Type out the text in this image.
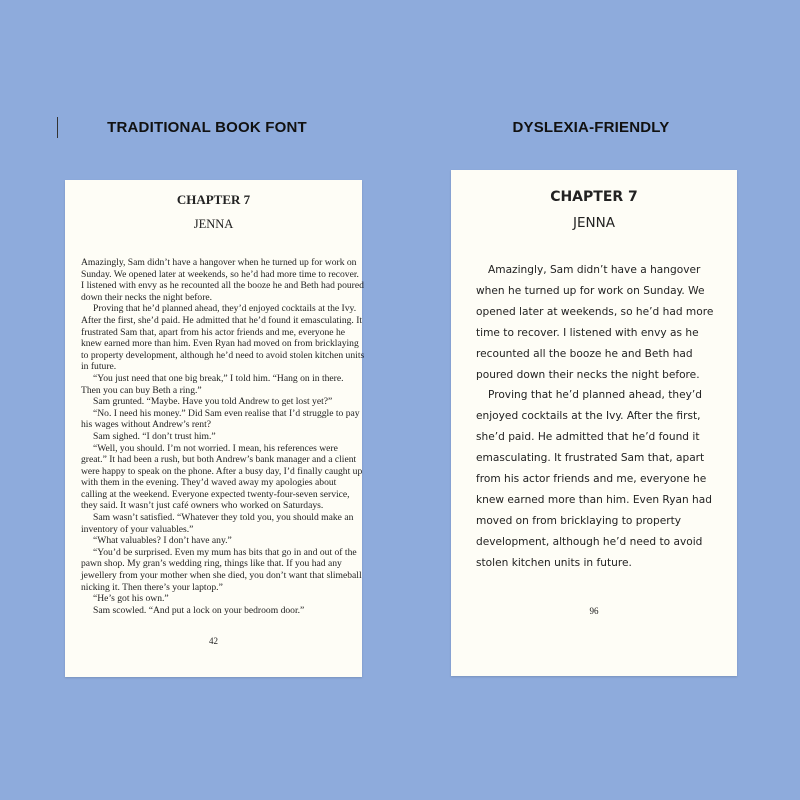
TRADITIONAL BOOK FONT	DYSLEXIA-FRIENDLY
CHAPTER 7
JENNA
Amazingly, Sam didn’t have a hangover when he turned up for work on
Sunday. We opened later at weekends, so he’d had more time to recover.
I listened with envy as he recounted all the booze he and Beth had poured
down their necks the night before.
Proving that he’d planned ahead, they’d enjoyed cocktails at the Ivy.
After the first, she’d paid. He admitted that he’d found it emasculating. It
frustrated Sam that, apart from his actor friends and me, everyone he
knew earned more than him. Even Ryan had moved on from bricklaying
to property development, although he’d need to avoid stolen kitchen units
in future.
“You just need that one big break,” I told him. “Hang on in there.
Then you can buy Beth a ring.”
Sam grunted. “Maybe. Have you told Andrew to get lost yet?”
“No. I need his money.” Did Sam even realise that I’d struggle to pay
his wages without Andrew’s rent?
Sam sighed. “I don’t trust him.”
“Well, you should. I’m not worried. I mean, his references were
great.” It had been a rush, but both Andrew’s bank manager and a client
were happy to speak on the phone. After a busy day, I’d finally caught up
with them in the evening. They’d waved away my apologies about
calling at the weekend. Everyone expected twenty-four-seven service,
they said. It wasn’t just café owners who worked on Saturdays.
Sam wasn’t satisfied. “Whatever they told you, you should make an
inventory of your valuables.”
“What valuables? I don’t have any.”
“You’d be surprised. Even my mum has bits that go in and out of the
pawn shop. My gran’s wedding ring, things like that. If you had any
jewellery from your mother when she died, you don’t want that slimeball
nicking it. Then there’s your laptop.”
“He’s got his own.”
Sam scowled. “And put a lock on your bedroom door.”
42
CHAPTER 7
JENNA
Amazingly, Sam didn’t have a hangover
when he turned up for work on Sunday. We
opened later at weekends, so he’d had more
time to recover. I listened with envy as he
recounted all the booze he and Beth had
poured down their necks the night before.
Proving that he’d planned ahead, they’d
enjoyed cocktails at the Ivy. After the first,
she’d paid. He admitted that he’d found it
emasculating. It frustrated Sam that, apart
from his actor friends and me, everyone he
knew earned more than him. Even Ryan had
moved on from bricklaying to property
development, although he’d need to avoid
stolen kitchen units in future.
96
